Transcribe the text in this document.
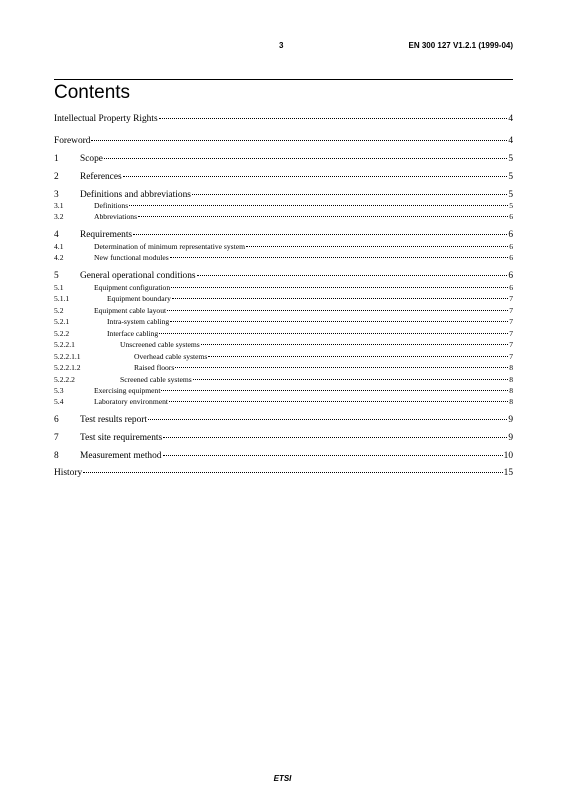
3	EN 300 127 V1.2.1 (1999-04)
Contents
Intellectual Property Rights	4
Foreword	4
1	Scope	5
2	References	5
3	Definitions and abbreviations	5
3.1	Definitions	5
3.2	Abbreviations	6
4	Requirements	6
4.1	Determination of minimum representative system	6
4.2	New functional modules	6
5	General operational conditions	6
5.1	Equipment configuration	6
5.1.1	Equipment boundary	7
5.2	Equipment cable layout	7
5.2.1	Intra-system cabling	7
5.2.2	Interface cabling	7
5.2.2.1	Unscreened cable systems	7
5.2.2.1.1	Overhead cable systems	7
5.2.2.1.2	Raised floors	8
5.2.2.2	Screened cable systems	8
5.3	Exercising equipment	8
5.4	Laboratory environment	8
6	Test results report	9
7	Test site requirements	9
8	Measurement method	10
History	15
ETSI
